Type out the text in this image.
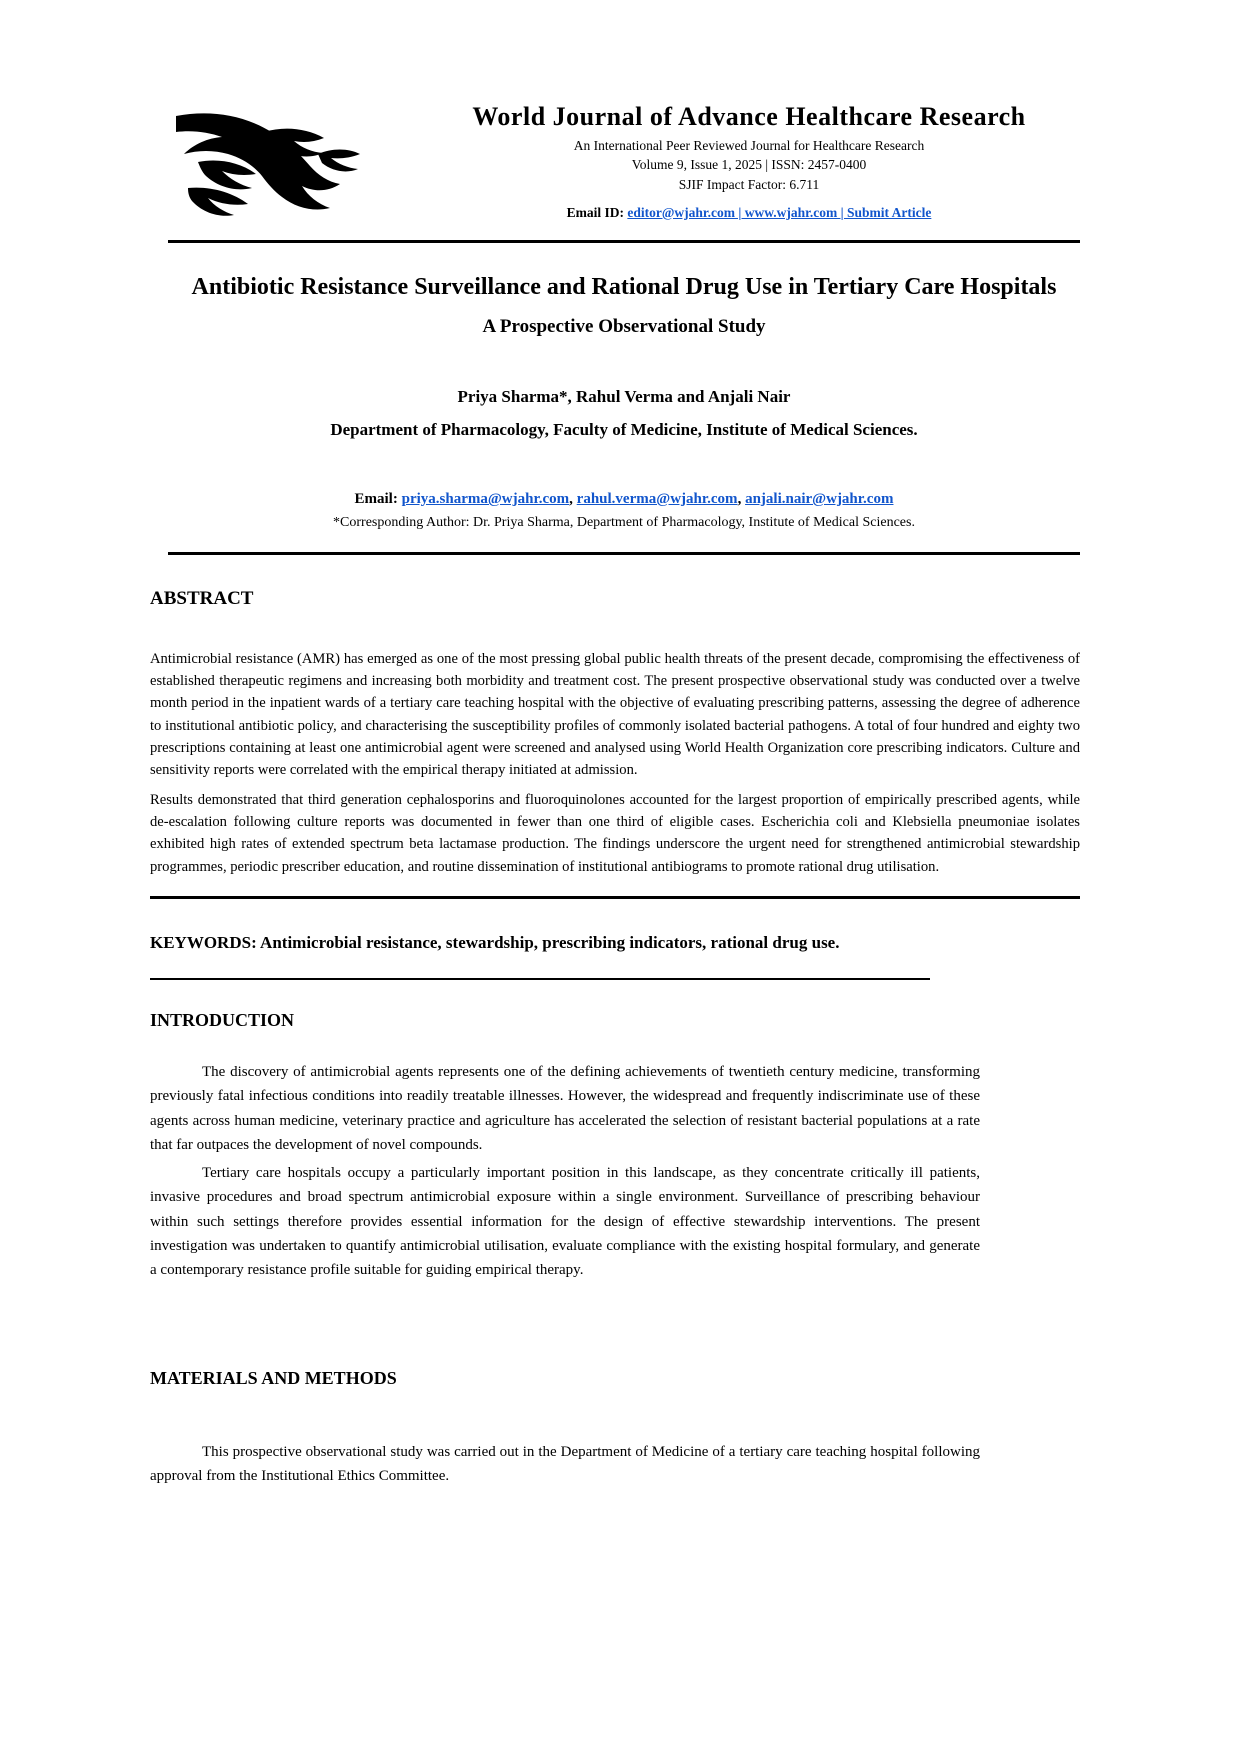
World Journal of Advance Healthcare Research
An International Peer Reviewed Journal for Healthcare Research
Volume 9, Issue 1, 2025 | ISSN: 2457-0400
SJIF Impact Factor: 6.711
Email ID: editor@wjahr.com | www.wjahr.com | Submit Article
Antibiotic Resistance Surveillance and Rational Drug Use in Tertiary Care Hospitals
A Prospective Observational Study
Priya Sharma*, Rahul Verma and Anjali Nair
Department of Pharmacology, Faculty of Medicine, Institute of Medical Sciences.
Email: priya.sharma@wjahr.com, rahul.verma@wjahr.com, anjali.nair@wjahr.com
*Corresponding Author: Dr. Priya Sharma, Department of Pharmacology, Institute of Medical Sciences.
ABSTRACT

Antimicrobial resistance (AMR) has emerged as one of the most pressing global public health threats of the present decade, compromising the effectiveness of established therapeutic regimens and increasing both morbidity and treatment cost. The present prospective observational study was conducted over a twelve month period in the inpatient wards of a tertiary care teaching hospital with the objective of evaluating prescribing patterns, assessing the degree of adherence to institutional antibiotic policy, and characterising the susceptibility profiles of commonly isolated bacterial pathogens. A total of four hundred and eighty two prescriptions containing at least one antimicrobial agent were screened and analysed using World Health Organization core prescribing indicators. Culture and sensitivity reports were correlated with the empirical therapy initiated at admission.

Results demonstrated that third generation cephalosporins and fluoroquinolones accounted for the largest proportion of empirically prescribed agents, while de-escalation following culture reports was documented in fewer than one third of eligible cases. Escherichia coli and Klebsiella pneumoniae isolates exhibited high rates of extended spectrum beta lactamase production. The findings underscore the urgent need for strengthened antimicrobial stewardship programmes, periodic prescriber education, and routine dissemination of institutional antibiograms to promote rational drug utilisation.

KEYWORDS: Antimicrobial resistance, stewardship, prescribing indicators, rational drug use.
INTRODUCTION

The discovery of antimicrobial agents represents one of the defining achievements of twentieth century medicine, transforming previously fatal infectious conditions into readily treatable illnesses. However, the widespread and frequently indiscriminate use of these agents across human medicine, veterinary practice and agriculture has accelerated the selection of resistant bacterial populations at a rate that far outpaces the development of novel compounds.

Tertiary care hospitals occupy a particularly important position in this landscape, as they concentrate critically ill patients, invasive procedures and broad spectrum antimicrobial exposure within a single environment. Surveillance of prescribing behaviour within such settings therefore provides essential information for the design of effective stewardship interventions. The present investigation was undertaken to quantify antimicrobial utilisation, evaluate compliance with the existing hospital formulary, and generate a contemporary resistance profile suitable for guiding empirical therapy.

MATERIALS AND METHODS

This prospective observational study was carried out in the Department of Medicine of a tertiary care teaching hospital following approval from the Institutional Ethics Committee.
